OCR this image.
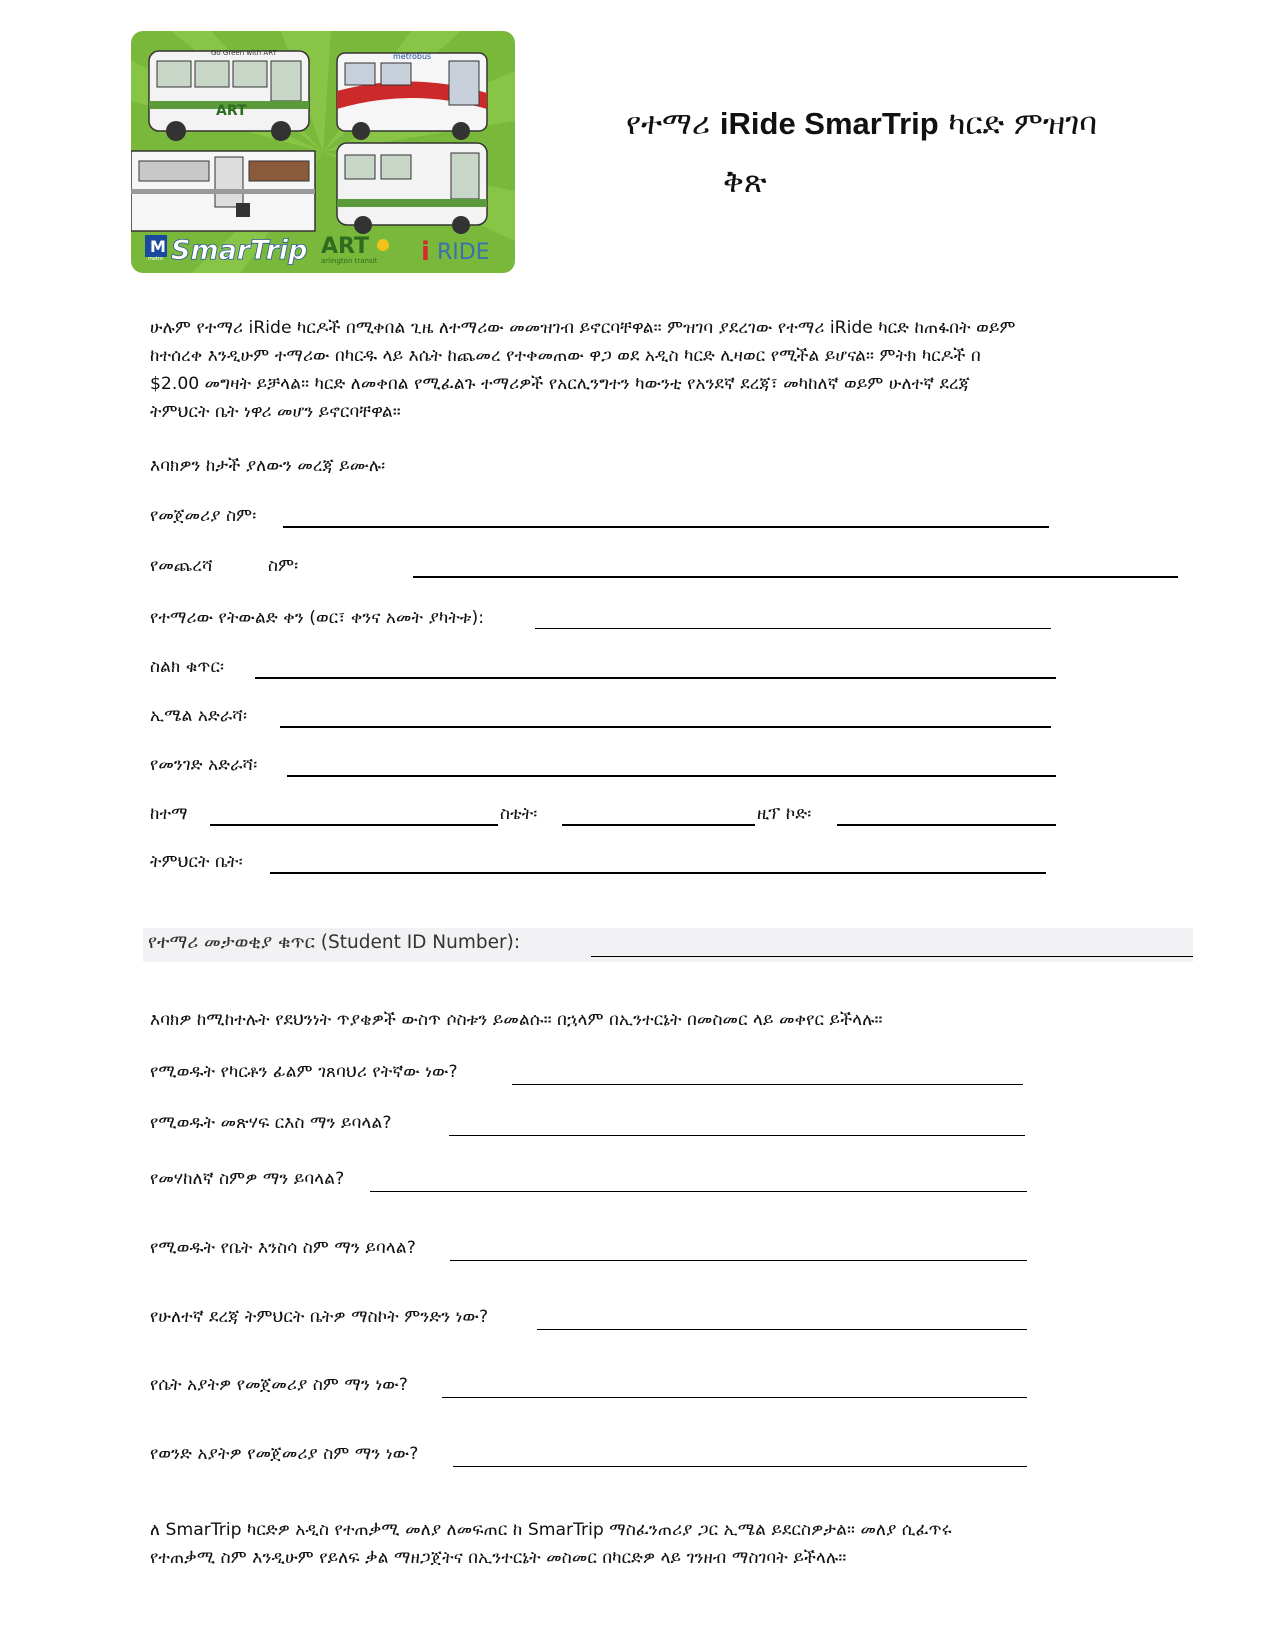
Go Green with ART
ART
metrobus
M
metro SmarTrip ART
arlington transit i RIDE
የተማሪ iRide SmarTrip ካርድ ምዝገባ
ቅጽ

ሁሉም የተማሪ iRide ካርዶች በሚቀበል ጊዜ ለተማሪው መመዝገብ ይኖርባቸዋል። ምዝገባ ያደረገው የተማሪ iRide ካርድ ከጠፋበት ወይም

ከተሰረቀ እንዲሁም ተማሪው በካርዱ ላይ እሴት ከጨመረ የተቀመጠው ዋጋ ወደ አዲስ ካርድ ሊዛወር የሚችል ይሆናል። ምትክ ካርዶች በ

$2.00 መግዛት ይቻላል። ካርድ ለመቀበል የሚፈልጉ ተማሪዎች የአርሊንግተን ካውንቲ የአንደኛ ደረጃ፣ መካከለኛ ወይም ሁለተኛ ደረጃ

ትምህርት ቤት ነዋሪ መሆን ይኖርባቸዋል።

እባክዎን ከታች ያለውን መረጃ ይሙሉ፡
የመጀመሪያ ስም፡
የመጨረሻ	ስም፡
የተማሪው የትውልድ ቀን (ወር፣ ቀንና አመት ያካትቱ):
ስልክ ቁጥር፡
ኢሜል አድራሻ፡
የመንገድ አድራሻ፡
ከተማ	ስቴት፡	ዚፕ ኮድ፡
ትምህርት ቤት፡
የተማሪ መታወቂያ ቁጥር (Student ID Number):
እባክዎ ከሚከተሉት የደህንነት ጥያቄዎች ውስጥ ሶስቱን ይመልሱ። በኋላም በኢንተርኔት በመስመር ላይ መቀየር ይችላሉ።
የሚወዱት የካርቶን ፊልም ገጸባህሪ የትኛው ነው?
የሚወዱት መጽሃፍ ርእስ ማን ይባላል?
የመሃከለኛ ስምዎ ማን ይባላል?
የሚወዱት የቤት እንስሳ ስም ማን ይባላል?
የሁለተኛ ደረጃ ትምህርት ቤትዎ ማስኮት ምንድን ነው?
የሴት አያትዎ የመጀመሪያ ስም ማን ነው?
የወንድ አያትዎ የመጀመሪያ ስም ማን ነው?

ለ SmarTrip ካርድዎ አዲስ የተጠቃሚ መለያ ለመፍጠር ከ SmarTrip ማስፈንጠሪያ ጋር ኢሜል ይደርስዎታል። መለያ ሲፈጥሩ

የተጠቃሚ ስም እንዲሁም የይለፍ ቃል ማዘጋጀትና በኢንተርኔት መስመር በካርድዎ ላይ ገንዘብ ማስገባት ይችላሉ።
